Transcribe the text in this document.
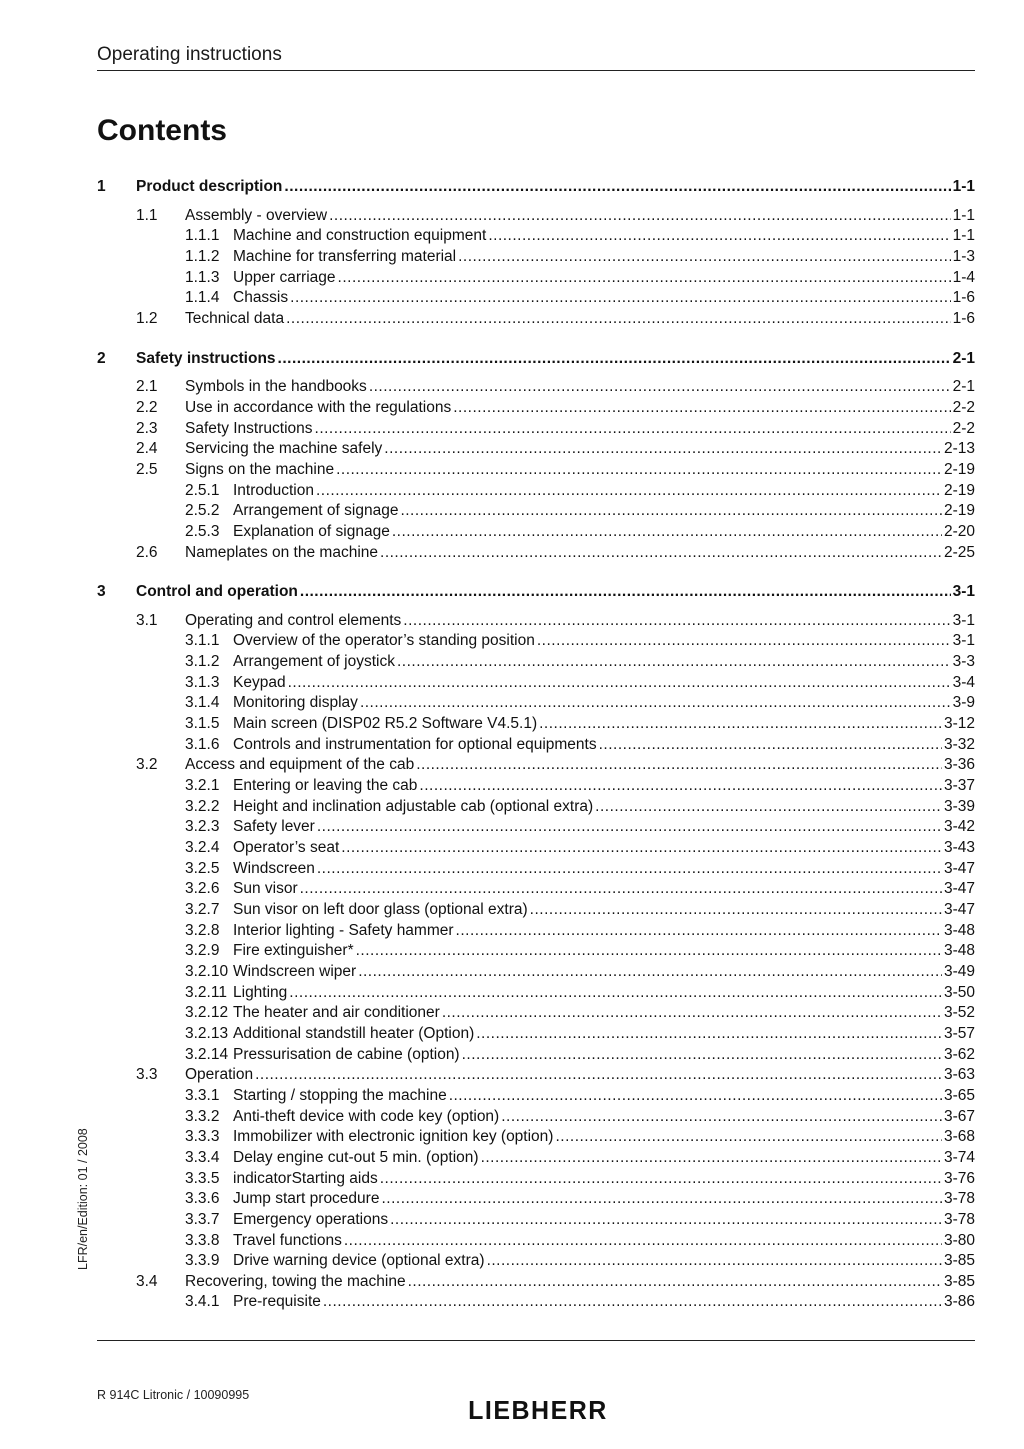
Operating instructions
Contents
1	Product description .....	1-1
1.1	Assembly - overview .....	1-1
1.1.1 Machine and construction equipment .....	1-1
1.1.2 Machine for transferring material .....	1-3
1.1.3 Upper carriage .....	1-4
1.1.4 Chassis .....	1-6
1.2	Technical data .....	1-6
2	Safety instructions .....	2-1
2.1	Symbols in the handbooks .....	2-1
2.2	Use in accordance with the regulations .....	2-2
2.3	Safety Instructions .....	2-2
2.4	Servicing the machine safely .....	2-13
2.5	Signs on the machine .....	2-19
2.5.1 Introduction .....	2-19
2.5.2 Arrangement of signage .....	2-19
2.5.3 Explanation of signage .....	2-20
2.6	Nameplates on the machine .....	2-25
3	Control and operation .....	3-1
3.1	Operating and control elements .....	3-1
3.1.1 Overview of the operator’s standing position .....	3-1
3.1.2 Arrangement of joystick .....	3-3
3.1.3 Keypad .....	3-4
3.1.4 Monitoring display .....	3-9
3.1.5 Main screen (DISP02 R5.2 Software V4.5.1) .....	3-12
3.1.6 Controls and instrumentation for optional equipments .....	3-32
3.2	Access and equipment of the cab .....	3-36
3.2.1 Entering or leaving the cab .....	3-37
3.2.2 Height and inclination adjustable cab (optional extra) .....	3-39
3.2.3 Safety lever .....	3-42
3.2.4 Operator’s seat .....	3-43
3.2.5 Windscreen .....	3-47
3.2.6 Sun visor .....	3-47
3.2.7 Sun visor on left door glass (optional extra) .....	3-47
3.2.8 Interior lighting - Safety hammer .....	3-48
3.2.9 Fire extinguisher* .....	3-48
3.2.10 Windscreen wiper .....	3-49
3.2.11 Lighting .....	3-50
3.2.12 The heater and air conditioner .....	3-52
3.2.13 Additional standstill heater (Option) .....	3-57
3.2.14 Pressurisation de cabine (option) .....	3-62
3.3	Operation .....	3-63
3.3.1 Starting / stopping the machine .....	3-65
3.3.2 Anti-theft device with code key (option) .....	3-67
3.3.3 Immobilizer with electronic ignition key (option) .....	3-68
3.3.4 Delay engine cut-out 5 min. (option) .....	3-74
3.3.5 indicatorStarting aids .....	3-76
3.3.6 Jump start procedure .....	3-78
3.3.7 Emergency operations .....	3-78
3.3.8 Travel functions .....	3-80
3.3.9 Drive warning device (optional extra) .....	3-85
3.4	Recovering, towing the machine .....	3-85
3.4.1 Pre-requisite .....	3-86
LFR/en/Edition: 01 / 2008
R 914C Litronic / 10090995
LIEBHERR
